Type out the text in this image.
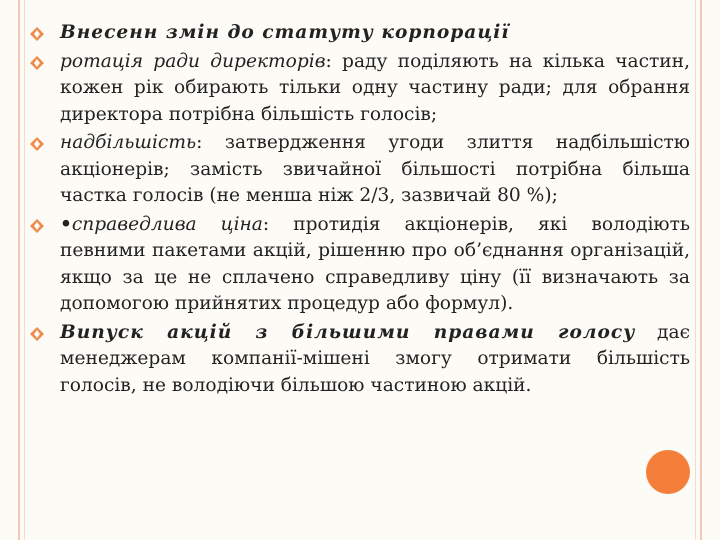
Внесенн змін до статуту корпорації
ротація ради директорів: раду поділяють на кілька частин, кожен рік обирають тільки одну частину ради; для обрання директора потрібна більшість голосів;
надбільшість: затвердження угоди злиття надбільшістю акціонерів; замість звичайної більшості потрібна більша частка голосів (не менша ніж 2/3, зазвичай 80 %);
•справедлива ціна: протидія акціонерів, які володіють певними пакетами акцій, рішенню про об’єднання організацій, якщо за це не сплачено справедливу ціну (її визначають за допомогою прийнятих процедур або формул).
Випуск акцій з більшими правами голосу дає менеджерам компанії-мішені змогу отримати більшість голосів, не володіючи більшою частиною акцій.
